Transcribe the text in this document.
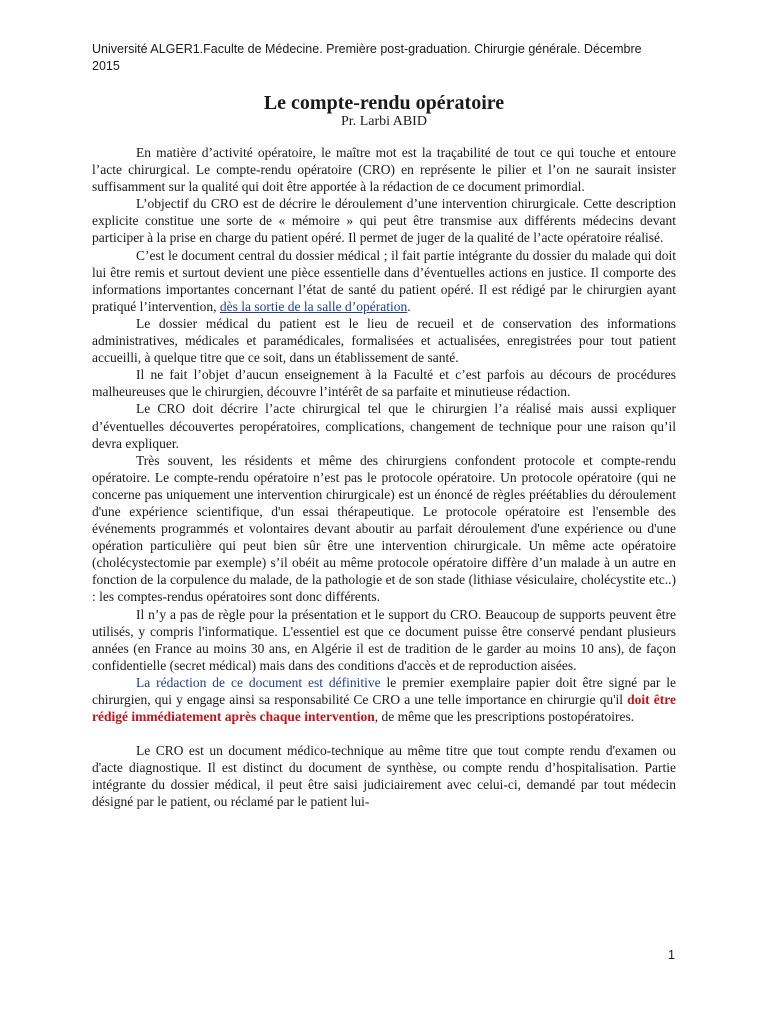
Université ALGER1.Faculte de Médecine. Première post-graduation. Chirurgie générale. Décembre 2015
Le compte-rendu opératoire
Pr. Larbi ABID

En matière d’activité opératoire, le maître mot est la traçabilité de tout ce qui touche et entoure l’acte chirurgical. Le compte-rendu opératoire (CRO) en représente le pilier et l’on ne saurait insister suffisamment sur la qualité qui doit être apportée à la rédaction de ce document primordial.

L’objectif du CRO est de décrire le déroulement d’une intervention chirurgicale. Cette description explicite constitue une sorte de « mémoire » qui peut être transmise aux différents médecins devant participer à la prise en charge du patient opéré. Il permet de juger de la qualité de l’acte opératoire réalisé.

C’est le document central du dossier médical ; il fait partie intégrante du dossier du malade qui doit lui être remis et surtout devient une pièce essentielle dans d’éventuelles actions en justice. Il comporte des informations importantes concernant l’état de santé du patient opéré. Il est rédigé par le chirurgien ayant pratiqué l’intervention, dès la sortie de la salle d’opération.

Le dossier médical du patient est le lieu de recueil et de conservation des informations administratives, médicales et paramédicales, formalisées et actualisées, enregistrées pour tout patient accueilli, à quelque titre que ce soit, dans un établissement de santé.

Il ne fait l’objet d’aucun enseignement à la Faculté et c’est parfois au décours de procédures malheureuses que le chirurgien, découvre l’intérêt de sa parfaite et minutieuse rédaction.

Le CRO doit décrire l’acte chirurgical tel que le chirurgien l’a réalisé mais aussi expliquer d’éventuelles découvertes peropératoires, complications, changement de technique pour une raison qu’il devra expliquer.

Très souvent, les résidents et même des chirurgiens confondent protocole et compte-rendu opératoire. Le compte-rendu opératoire n’est pas le protocole opératoire. Un protocole opératoire (qui ne concerne pas uniquement une intervention chirurgicale) est un énoncé de règles préétablies du déroulement d'une expérience scientifique, d'un essai thérapeutique. Le protocole opératoire est l'ensemble des événements programmés et volontaires devant aboutir au parfait déroulement d'une expérience ou d'une opération particulière qui peut bien sûr être une intervention chirurgicale. Un même acte opératoire (cholécystectomie par exemple) s’il obéit au même protocole opératoire diffère d’un malade à un autre en fonction de la corpulence du malade, de la pathologie et de son stade (lithiase vésiculaire, cholécystite etc..) : les comptes-rendus opératoires sont donc différents.

Il n’y a pas de règle pour la présentation et le support du CRO. Beaucoup de supports peuvent être utilisés, y compris l'informatique. L'essentiel est que ce document puisse être conservé pendant plusieurs années (en France au moins 30 ans, en Algérie il est de tradition de le garder au moins 10 ans), de façon confidentielle (secret médical) mais dans des conditions d'accès et de reproduction aisées.

La rédaction de ce document est définitive le premier exemplaire papier doit être signé par le chirurgien, qui y engage ainsi sa responsabilité Ce CRO a une telle importance en chirurgie qu'il doit être rédigé immédiatement après chaque intervention, de même que les prescriptions postopératoires.

Le CRO est un document médico-technique au même titre que tout compte rendu d'examen ou d'acte diagnostique. Il est distinct du document de synthèse, ou compte rendu d’hospitalisation. Partie intégrante du dossier médical, il peut être saisi judiciairement avec celui-ci, demandé par tout médecin désigné par le patient, ou réclamé par le patient lui-

1
